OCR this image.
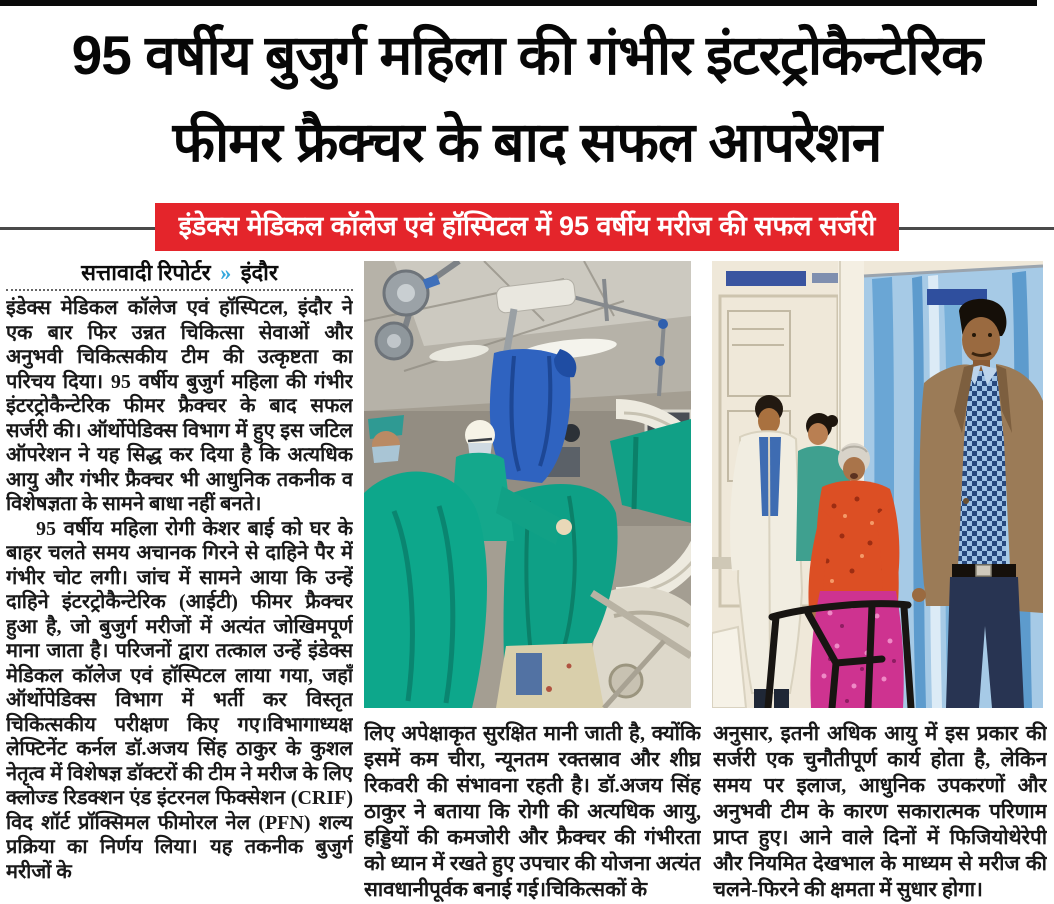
95 वर्षीय बुजुर्ग महिला की गंभीर इंटरट्रोकैन्टेरिक
फीमर फ्रैक्चर के बाद सफल आपरेशन
इंडेक्स मेडिकल कॉलेज एवं हॉस्पिटल में 95 वर्षीय मरीज की सफल सर्जरी
सत्तावादी रिपोर्टर » इंदौर

इंडेक्स मेडिकल कॉलेज एवं हॉस्पिटल, इंदौर ने एक बार फिर उन्नत चिकित्सा सेवाओं और अनुभवी चिकित्सकीय टीम की उत्कृष्टता का परिचय दिया। 95 वर्षीय बुजुर्ग महिला की गंभीर इंटरट्रोकैन्टेरिक फीमर फ्रैक्चर के बाद सफल सर्जरी की। ऑर्थोपेडिक्स विभाग में हुए इस जटिल ऑपरेशन ने यह सिद्ध कर दिया है कि अत्यधिक आयु और गंभीर फ्रैक्चर भी आधुनिक तकनीक व विशेषज्ञता के सामने बाधा नहीं बनते।

95 वर्षीय महिला रोगी केशर बाई को घर के बाहर चलते समय अचानक गिरने से दाहिने पैर में गंभीर चोट लगी। जांच में सामने आया कि उन्हें दाहिने इंटरट्रोकैन्टेरिक (आईटी) फीमर फ्रैक्चर हुआ है, जो बुजुर्ग मरीजों में अत्यंत जोखिमपूर्ण माना जाता है। परिजनों द्वारा तत्काल उन्हें इंडेक्स मेडिकल कॉलेज एवं हॉस्पिटल लाया गया, जहाँ ऑर्थोपेडिक्स विभाग में भर्ती कर विस्तृत चिकित्सकीय परीक्षण किए गए।विभागाध्यक्ष लेफ्टिनेंट कर्नल डॉ.अजय सिंह ठाकुर के कुशल नेतृत्व में विशेषज्ञ डॉक्टरों की टीम ने मरीज के लिए क्लोज्ड रिडक्शन एंड इंटरनल फिक्सेशन (CRIF) विद शॉर्ट प्रॉक्सिमल फीमोरल नेल (PFN) शल्य प्रक्रिया का निर्णय लिया। यह तकनीक बुजुर्ग मरीजों के

लिए अपेक्षाकृत सुरक्षित मानी जाती है, क्योंकि इसमें कम चीरा, न्यूनतम रक्तस्राव और शीघ्र रिकवरी की संभावना रहती है। डॉ.अजय सिंह ठाकुर ने बताया कि रोगी की अत्यधिक आयु, हड्डियों की कमजोरी और फ्रैक्चर की गंभीरता को ध्यान में रखते हुए उपचार की योजना अत्यंत सावधानीपूर्वक बनाई गई।चिकित्सकों के

अनुसार, इतनी अधिक आयु में इस प्रकार की सर्जरी एक चुनौतीपूर्ण कार्य होता है, लेकिन समय पर इलाज, आधुनिक उपकरणों और अनुभवी टीम के कारण सकारात्मक परिणाम प्राप्त हुए। आने वाले दिनों में फिजियोथेरेपी और नियमित देखभाल के माध्यम से मरीज की चलने-फिरने की क्षमता में सुधार होगा।
